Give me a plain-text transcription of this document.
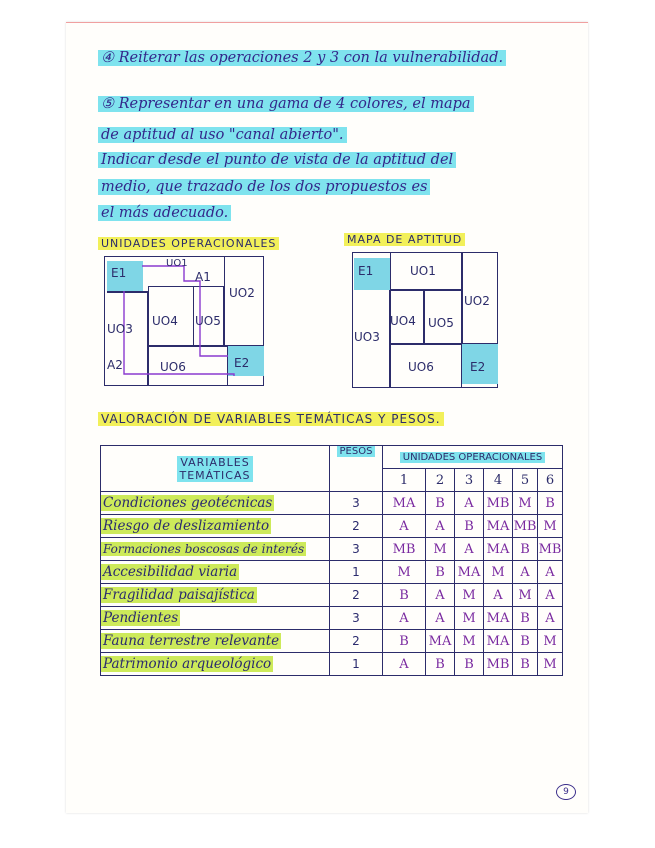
④ Reiterar las operaciones 2 y 3 con la vulnerabilidad.
⑤ Representar en una gama de 4 colores, el mapa
de aptitud al uso "canal abierto".
Indicar desde el punto de vista de la aptitud del
medio, que trazado de los dos propuestos es
el más adecuado.
UNIDADES OPERACIONALES	MAPA DE APTITUD
E1
UO1
A1
UO2
UO4 UO5
UO3
A2	UO6	E2
E1	UO1
UO2
UO4 UO5
UO3
UO6	E2
VALORACIÓN DE VARIABLES TEMÁTICAS Y PESOS.
VARIABLES
TEMÁTICAS	PESOS	UNIDADES OPERACIONALES					
		1	2	3	4	5	6
Condiciones geotécnicas	3	MA	B	A	MB	M	B
Riesgo de deslizamiento	2	A	A	B	MA	MB	M
Formaciones boscosas de interés	3	MB	M	A	MA	B	MB
Accesibilidad viaria	1	M	B	MA	M	A	A
Fragilidad paisajística	2	B	A	M	A	M	A
Pendientes	3	A	A	M	MA	B	A
Fauna terrestre relevante	2	B	MA	M	MA	B	M
Patrimonio arqueológico	1	A	B	B	MB	B	M
9
